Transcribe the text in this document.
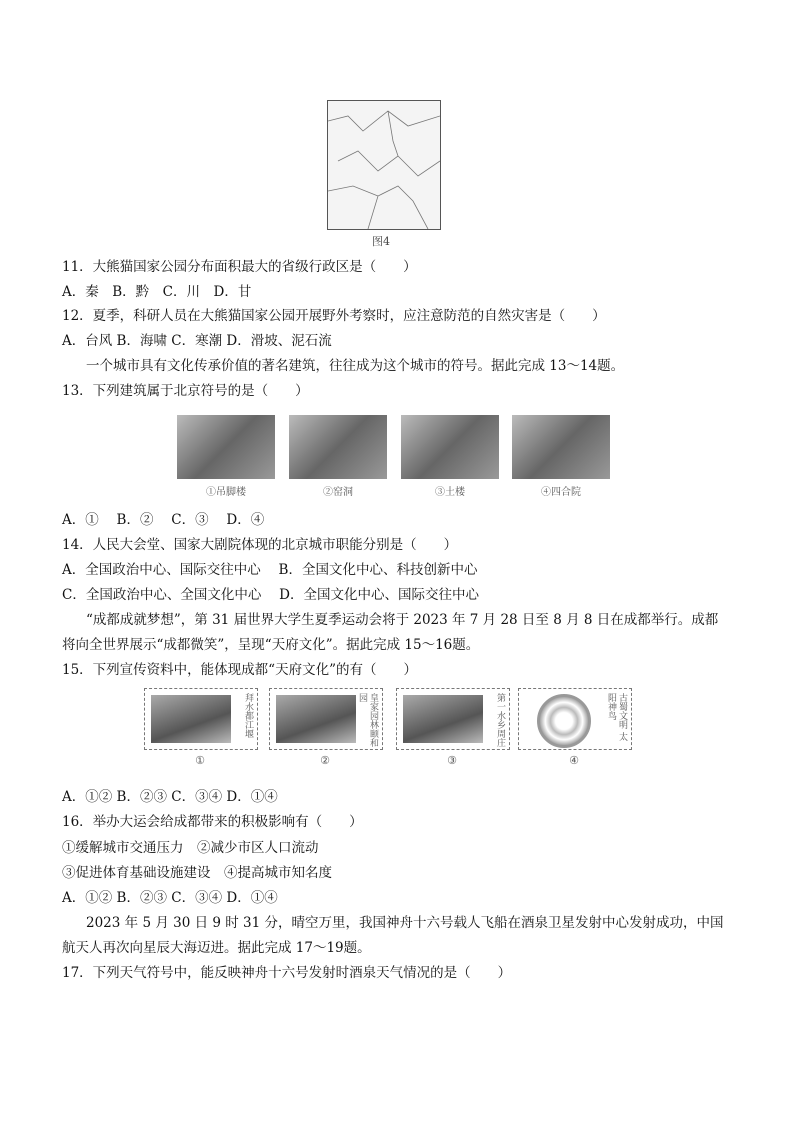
图4
11．大熊猫国家公园分布面积最大的省级行政区是（　　）
A．秦　B．黔　C．川　D．甘
12．夏季，科研人员在大熊猫国家公园开展野外考察时，应注意防范的自然灾害是（　　）
A．台风 B．海啸 C．寒潮 D．滑坡、泥石流
一个城市具有文化传承价值的著名建筑，往往成为这个城市的符号。据此完成 13～14题。
13．下列建筑属于北京符号的是（　　）
①吊脚楼	②窑洞	③土楼	④四合院
A．①　 B．②　 C．③　 D．④
14．人民大会堂、国家大剧院体现的北京城市职能分别是（　　）
A．全国政治中心、国际交往中心　 B．全国文化中心、科技创新中心
C．全国政治中心、全国文化中心　 D．全国文化中心、国际交往中心
“成都成就梦想”，第 31 届世界大学生夏季运动会将于 2023 年 7 月 28 日至 8 月 8 日在成都举行。成都
将向全世界展示“成都微笑”，呈现“天府文化”。据此完成 15～16题。
15．下列宣传资料中，能体现成都“天府文化”的有（　　）
拜水都江堰	皇家园林颐和园	第一水乡周庄	古蜀文明 太阳神鸟
①	②	③	④
A．①② B．②③ C．③④ D．①④
16．举办大运会给成都带来的积极影响有（　　）
①缓解城市交通压力　②减少市区人口流动
③促进体育基础设施建设　④提高城市知名度
A．①② B．②③ C．③④ D．①④
2023 年 5 月 30 日 9 时 31 分，晴空万里，我国神舟十六号载人飞船在酒泉卫星发射中心发射成功，中国
航天人再次向星辰大海迈进。据此完成 17～19题。
17．下列天气符号中，能反映神舟十六号发射时酒泉天气情况的是（　　）
